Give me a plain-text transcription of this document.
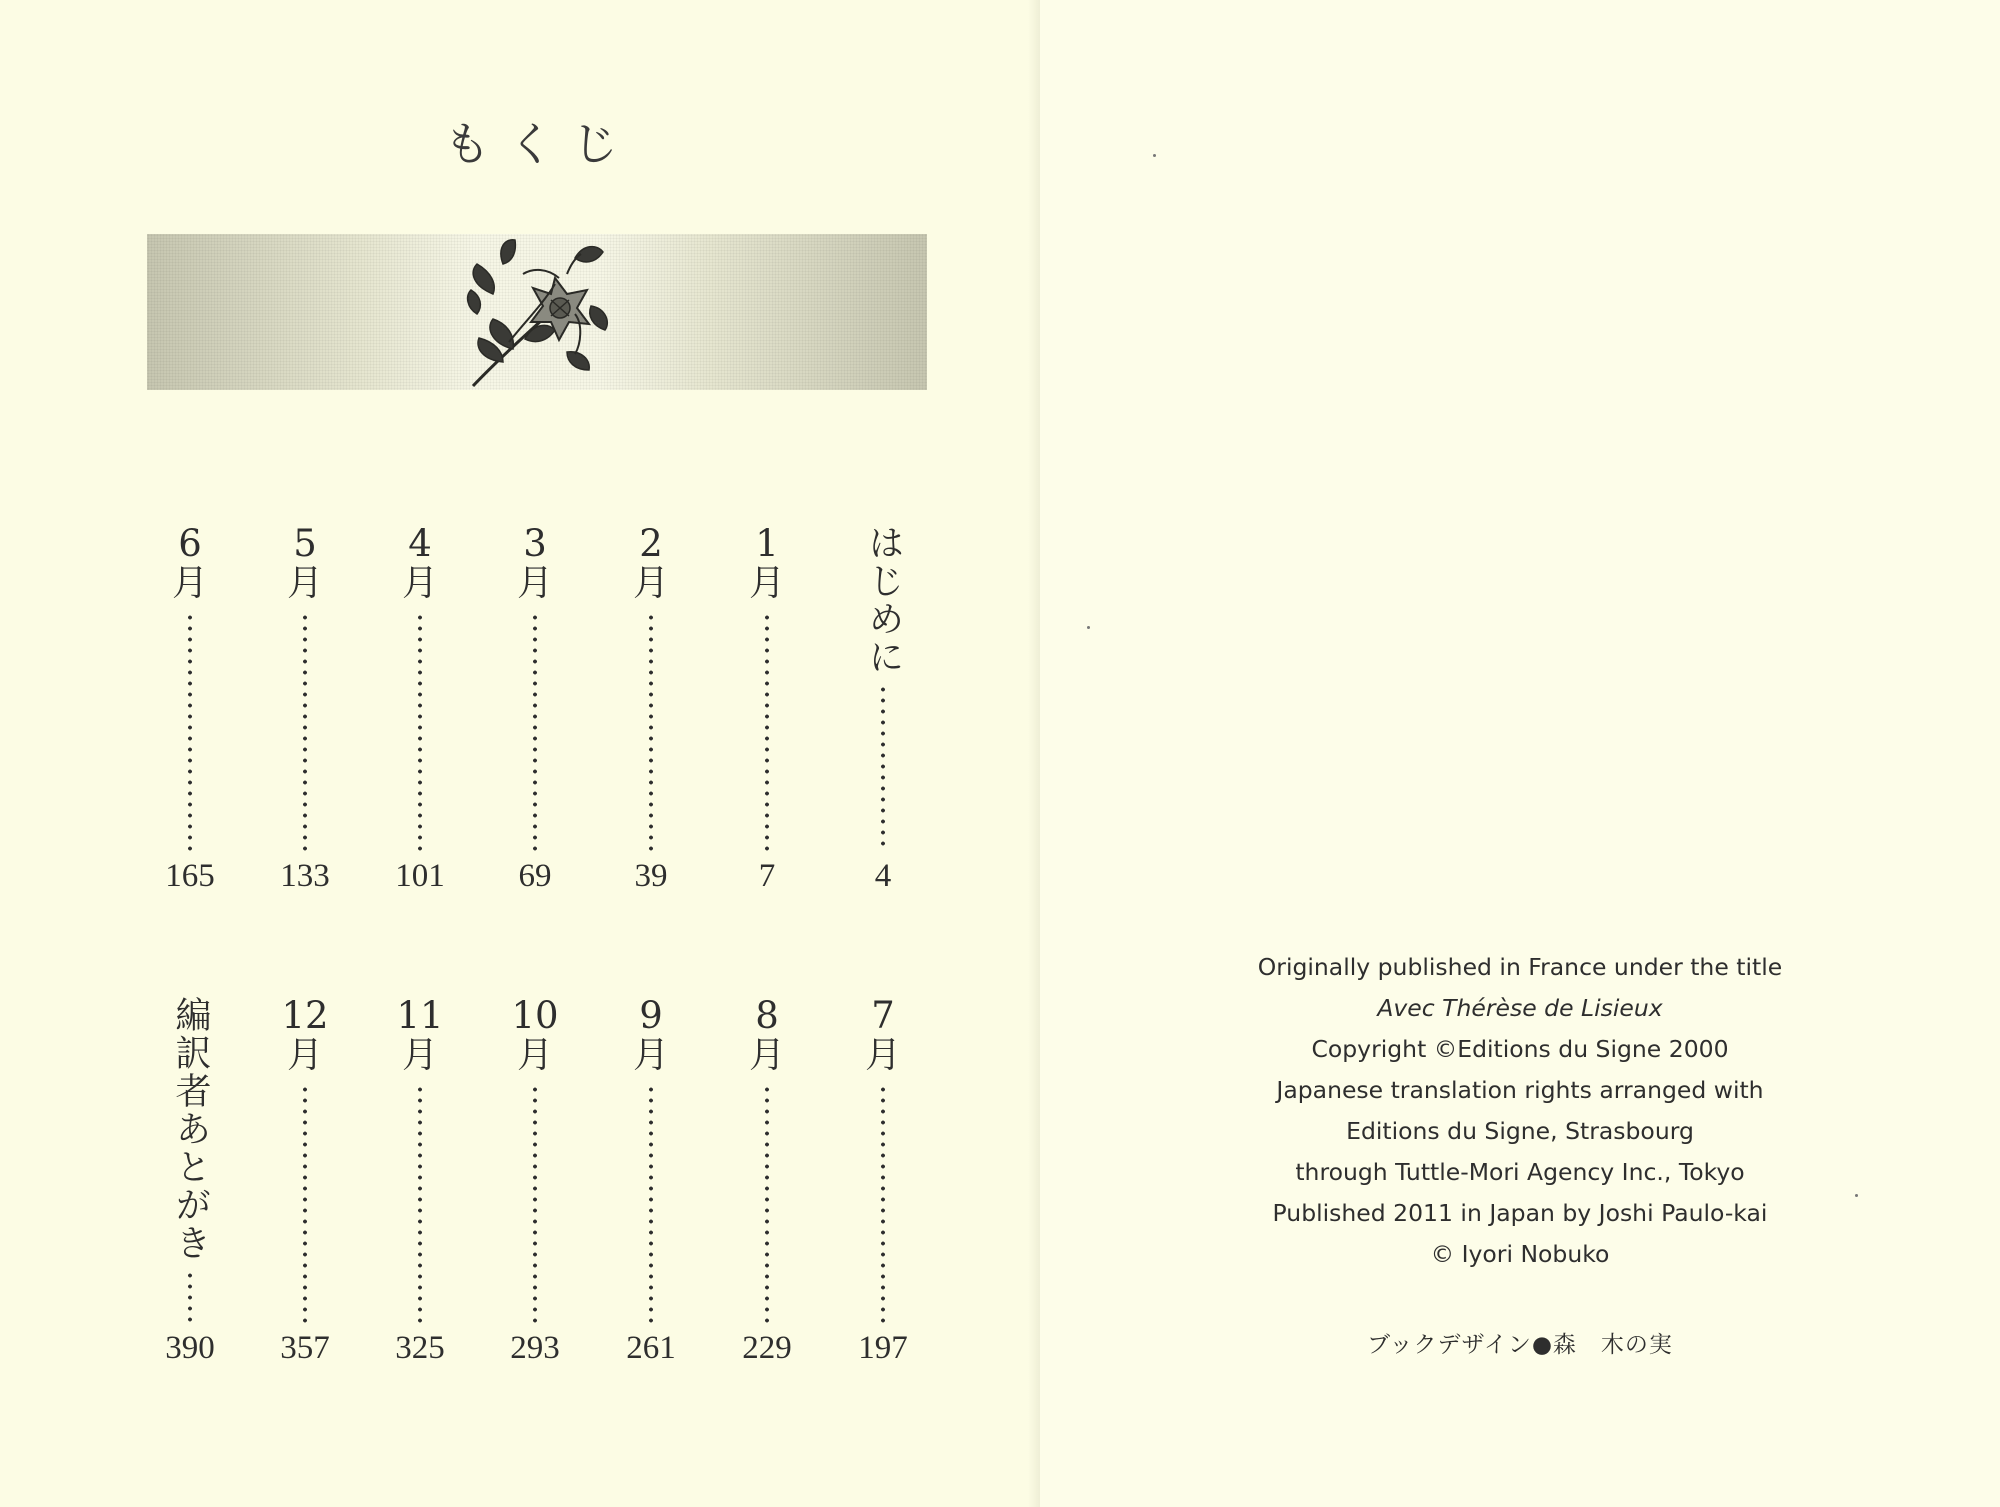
もくじ
はじめに
4
1
月
7
2
月
39
3
月
69
4
月
101
5
月
133
6
月
165
7
月
197
8
月
229
9
月
261
10
月
293
11
月
325
12
月
357
編訳者あとがき
390
Originally published in France under the title
Avec Thérèse de Lisieux
Copyright ©Editions du Signe 2000
Japanese translation rights arranged with
Editions du Signe, Strasbourg
through Tuttle-Mori Agency Inc., Tokyo
Published 2011 in Japan by Joshi Paulo-kai
© Iyori Nobuko
ブックデザイン●森　木の実
